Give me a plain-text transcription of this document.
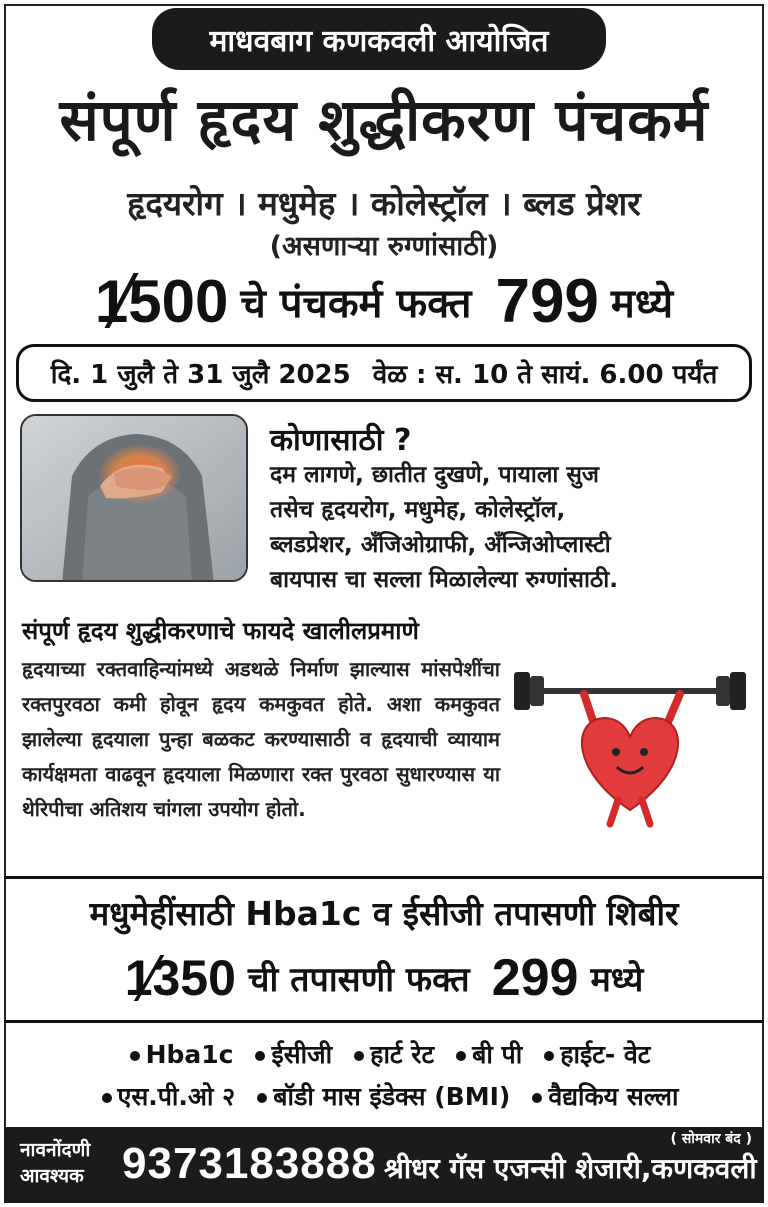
माधवबाग कणकवली आयोजित
संपूर्ण हृदय शुद्धीकरण पंचकर्म
हृदयरोग । मधुमेह । कोलेस्ट्रॉल । ब्लड प्रेशर
(असणाऱ्या रुग्णांसाठी)
1500 चे पंचकर्म फक्त 799 मध्ये
दि. 1 जुलै ते 31 जुलै 2025 वेळ : स. 10 ते सायं. 6.00 पर्यंत
कोणासाठी ?
दम लागणे, छातीत दुखणे, पायाला सुज
तसेच हृदयरोग, मधुमेह, कोलेस्ट्रॉल,
ब्लडप्रेशर, अँजिओग्राफी, अँन्जिओप्लास्टी
बायपास चा सल्ला मिळालेल्या रुग्णांसाठी.
संपूर्ण हृदय शुद्धीकरणाचे फायदे खालीलप्रमाणे
हृदयाच्या रक्तवाहिन्यांमध्ये अडथळे निर्माण झाल्यास मांसपेशींचा रक्तपुरवठा कमी होवून हृदय कमकुवत होते. अशा कमकुवत झालेल्या हृदयाला पुन्हा बळकट करण्यासाठी व हृदयाची व्यायाम कार्यक्षमता वाढवून हृदयाला मिळणारा रक्त पुरवठा सुधारण्यास या थेरिपीचा अतिशय चांगला उपयोग होतो.
मधुमेहींसाठी Hba1c व ईसीजी तपासणी शिबीर
1350 ची तपासणी फक्त 299 मध्ये
Hba1c	ईसीजी	हार्ट रेट	बी पी	हाईट- वेट
एस.पी.ओ २	बॉडी मास इंडेक्स (BMI)	वैद्यकिय सल्ला
नावनोंदणी आवश्यक 9373183888 श्रीधर गॅस एजन्सी शेजारी,कणकवली
( सोमवार बंद )
